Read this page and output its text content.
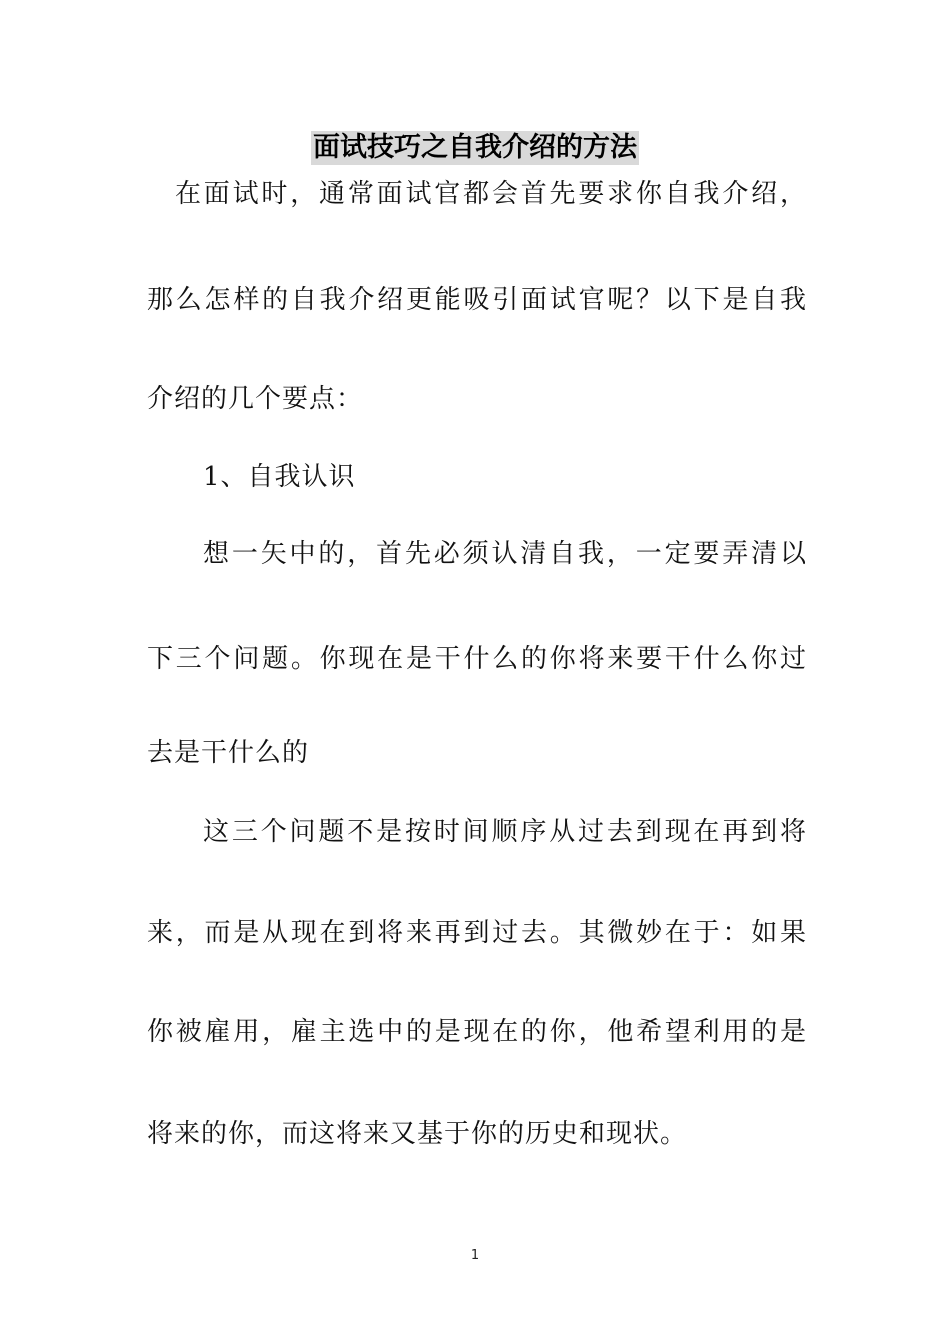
面试技巧之自我介绍的方法
在面试时，通常面试官都会首先要求你自我介绍，
那么怎样的自我介绍更能吸引面试官呢？以下是自我
介绍的几个要点：
1、自我认识
想一矢中的，首先必须认清自我，一定要弄清以
下三个问题。你现在是干什么的你将来要干什么你过
去是干什么的
这三个问题不是按时间顺序从过去到现在再到将
来，而是从现在到将来再到过去。其微妙在于：如果
你被雇用，雇主选中的是现在的你，他希望利用的是
将来的你，而这将来又基于你的历史和现状。
1
